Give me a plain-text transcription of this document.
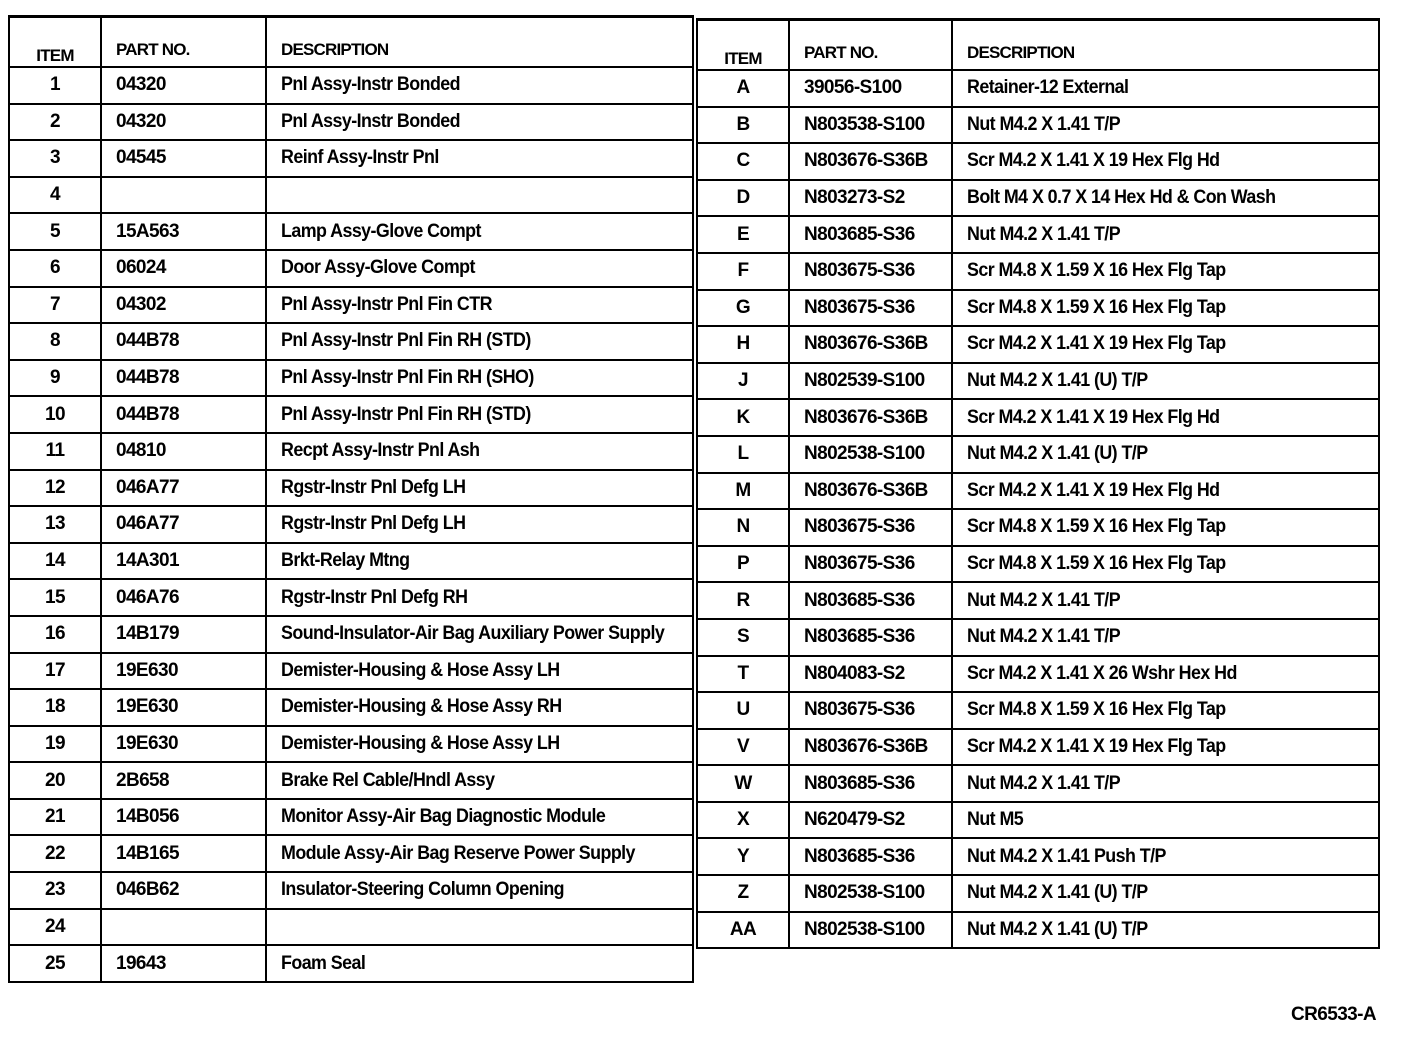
ITEM	PART NO.	DESCRIPTION
1	04320	Pnl Assy-Instr Bonded
2	04320	Pnl Assy-Instr Bonded
3	04545	Reinf Assy-Instr Pnl
4		
5	15A563	Lamp Assy-Glove Compt
6	06024	Door Assy-Glove Compt
7	04302	Pnl Assy-Instr Pnl Fin CTR
8	044B78	Pnl Assy-Instr Pnl Fin RH (STD)
9	044B78	Pnl Assy-Instr Pnl Fin RH (SHO)
10	044B78	Pnl Assy-Instr Pnl Fin RH (STD)
11	04810	Recpt Assy-Instr Pnl Ash
12	046A77	Rgstr-Instr Pnl Defg LH
13	046A77	Rgstr-Instr Pnl Defg LH
14	14A301	Brkt-Relay Mtng
15	046A76	Rgstr-Instr Pnl Defg RH
16	14B179	Sound-Insulator-Air Bag Auxiliary Power Supply
17	19E630	Demister-Housing & Hose Assy LH
18	19E630	Demister-Housing & Hose Assy RH
19	19E630	Demister-Housing & Hose Assy LH
20	2B658	Brake Rel Cable/Hndl Assy
21	14B056	Monitor Assy-Air Bag Diagnostic Module
22	14B165	Module Assy-Air Bag Reserve Power Supply
23	046B62	Insulator-Steering Column Opening
24		
25	19643	Foam Seal
ITEM	PART NO.	DESCRIPTION
A	39056-S100	Retainer-12 External
B	N803538-S100	Nut M4.2 X 1.41 T/P
C	N803676-S36B	Scr M4.2 X 1.41 X 19 Hex Flg Hd
D	N803273-S2	Bolt M4 X 0.7 X 14 Hex Hd & Con Wash
E	N803685-S36	Nut M4.2 X 1.41 T/P
F	N803675-S36	Scr M4.8 X 1.59 X 16 Hex Flg Tap
G	N803675-S36	Scr M4.8 X 1.59 X 16 Hex Flg Tap
H	N803676-S36B	Scr M4.2 X 1.41 X 19 Hex Flg Tap
J	N802539-S100	Nut M4.2 X 1.41 (U) T/P
K	N803676-S36B	Scr M4.2 X 1.41 X 19 Hex Flg Hd
L	N802538-S100	Nut M4.2 X 1.41 (U) T/P
M	N803676-S36B	Scr M4.2 X 1.41 X 19 Hex Flg Hd
N	N803675-S36	Scr M4.8 X 1.59 X 16 Hex Flg Tap
P	N803675-S36	Scr M4.8 X 1.59 X 16 Hex Flg Tap
R	N803685-S36	Nut M4.2 X 1.41 T/P
S	N803685-S36	Nut M4.2 X 1.41 T/P
T	N804083-S2	Scr M4.2 X 1.41 X 26 Wshr Hex Hd
U	N803675-S36	Scr M4.8 X 1.59 X 16 Hex Flg Tap
V	N803676-S36B	Scr M4.2 X 1.41 X 19 Hex Flg Tap
W	N803685-S36	Nut M4.2 X 1.41 T/P
X	N620479-S2	Nut M5
Y	N803685-S36	Nut M4.2 X 1.41 Push T/P
Z	N802538-S100	Nut M4.2 X 1.41 (U) T/P
AA	N802538-S100	Nut M4.2 X 1.41 (U) T/P
CR6533-A
